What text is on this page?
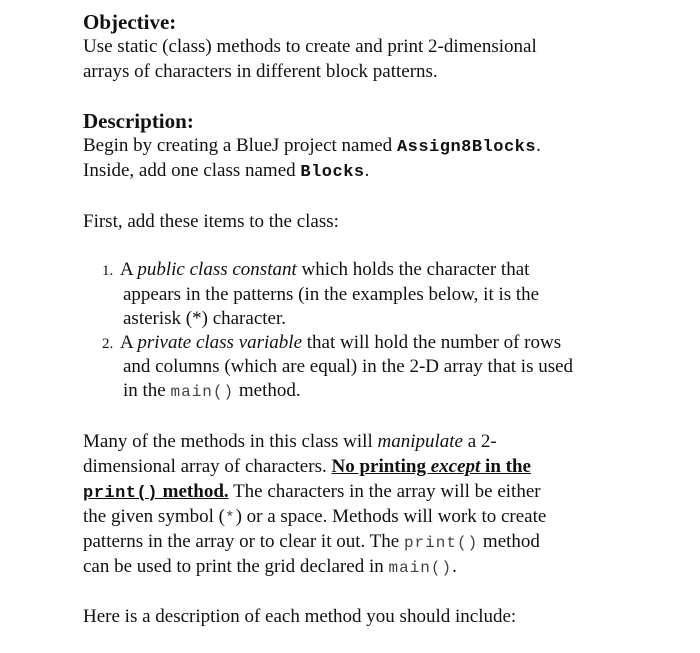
Objective:
Use static (class) methods to create and print 2-dimensional
arrays of characters in different block patterns.
Description:
Begin by creating a BlueJ project named Assign8Blocks.
Inside, add one class named Blocks.
First, add these items to the class:
1. A public class constant which holds the character that
appears in the patterns (in the examples below, it is the
asterisk (*) character.
2. A private class variable that will hold the number of rows
and columns (which are equal) in the 2-D array that is used
in the main() method.
Many of the methods in this class will manipulate a 2-
dimensional array of characters. No printing except in the
print() method. The characters in the array will be either
the given symbol (*) or a space. Methods will work to create
patterns in the array or to clear it out. The print() method
can be used to print the grid declared in main().
Here is a description of each method you should include:
